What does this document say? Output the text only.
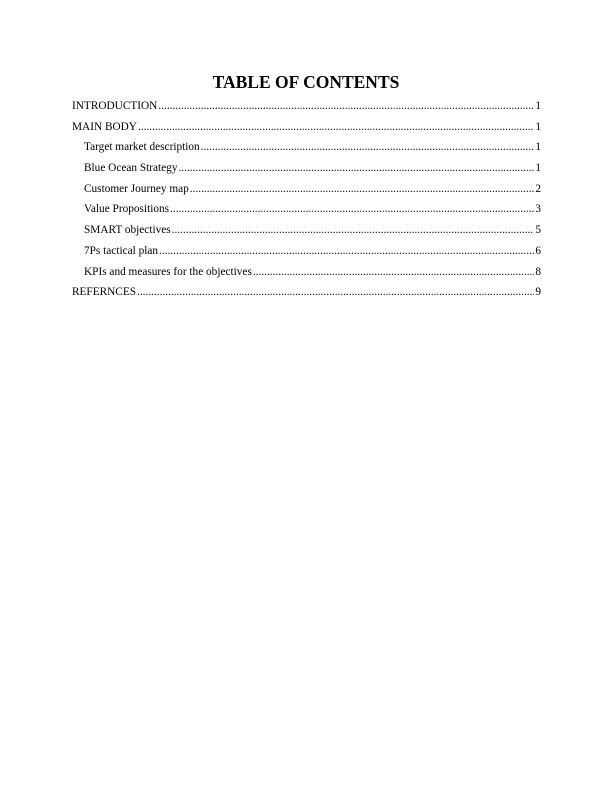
TABLE OF CONTENTS
INTRODUCTION .....	1
MAIN BODY .....	1
Target market description .....	1
Blue Ocean Strategy .....	1
Customer Journey map .....	2
Value Propositions .....	3
SMART objectives .....	5
7Ps tactical plan .....	6
KPIs and measures for the objectives .....	8
REFERNCES .....	9
